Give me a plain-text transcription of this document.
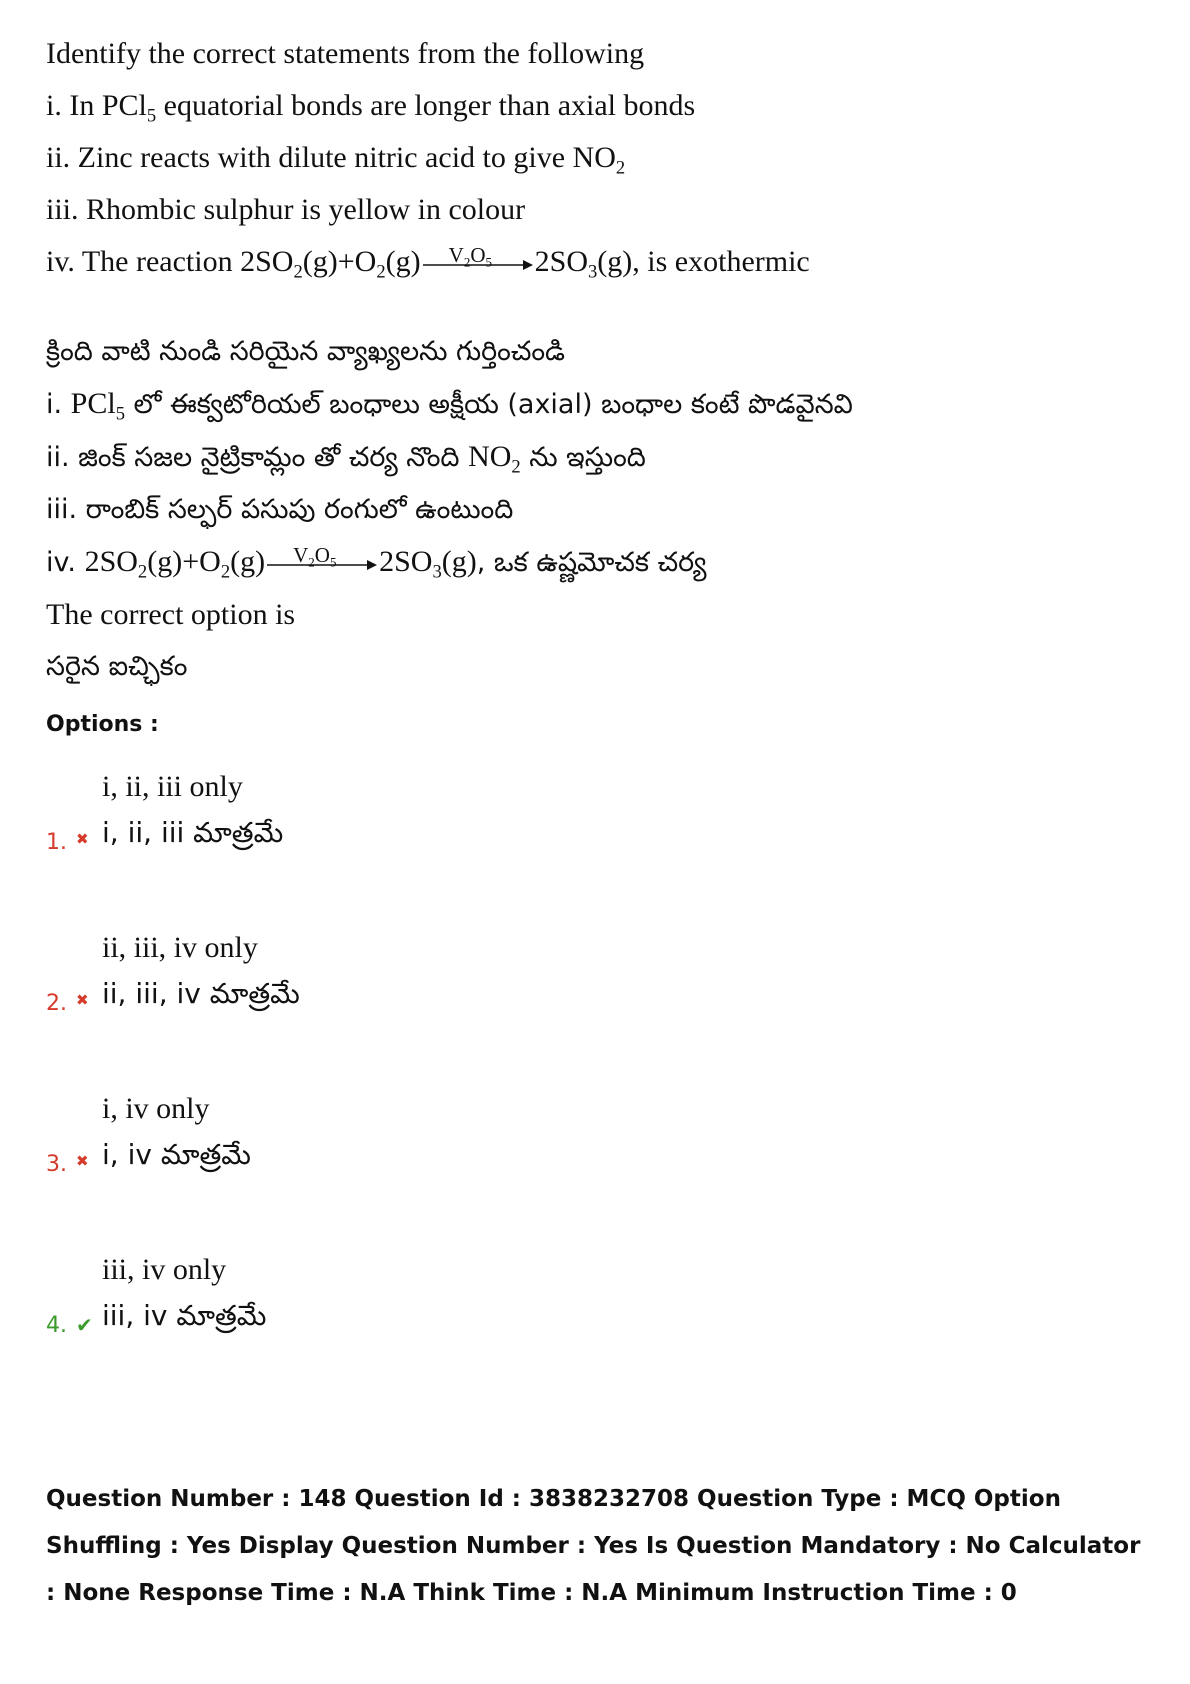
Identify the correct statements from the following
i. In PCl$_5$ equatorial bonds are longer than axial bonds
ii. Zinc reacts with dilute nitric acid to give $NO_2$
iii. Rhombic sulphur is yellow in colour
iv. The reaction $2SO_2(g)+O_2(g)$ $V_2O_5$ $2SO_3(g)$, is exothermic
క్రింది వాటి నుండి సరియైన వ్యాఖ్యలను గుర్తించండి
i. PCl$_5$ లో ఈక్వటోరియల్ బంధాలు అక్షీయ (axial) బంధాల కంటే పొడవైనవి
ii. జింక్ సజల నైట్రికామ్లం తో చర్య నొంది $NO_2$ ను ఇస్తుంది
iii. రాంబిక్ సల్ఫర్ పసుపు రంగులో ఉంటుంది
iv. $2SO_2(g)+O_2(g)$ $V_2O_5$ $2SO_3(g)$, ఒక ఉష్ణమోచక చర్య
The correct option is
సరైన ఐచ్ఛికం
Options :
1. ✖
i, ii, iii only
i, ii, iii మాత్రమే
2. ✖
ii, iii, iv only
ii, iii, iv మాత్రమే
3. ✖
i, iv only
i, iv మాత్రమే
4. ✔
iii, iv only
iii, iv మాత్రమే
Question Number : 148 Question Id : 3838232708 Question Type : MCQ Option Shuffling : Yes Display Question Number : Yes Is Question Mandatory : No Calculator : None Response Time : N.A Think Time : N.A Minimum Instruction Time : 0
